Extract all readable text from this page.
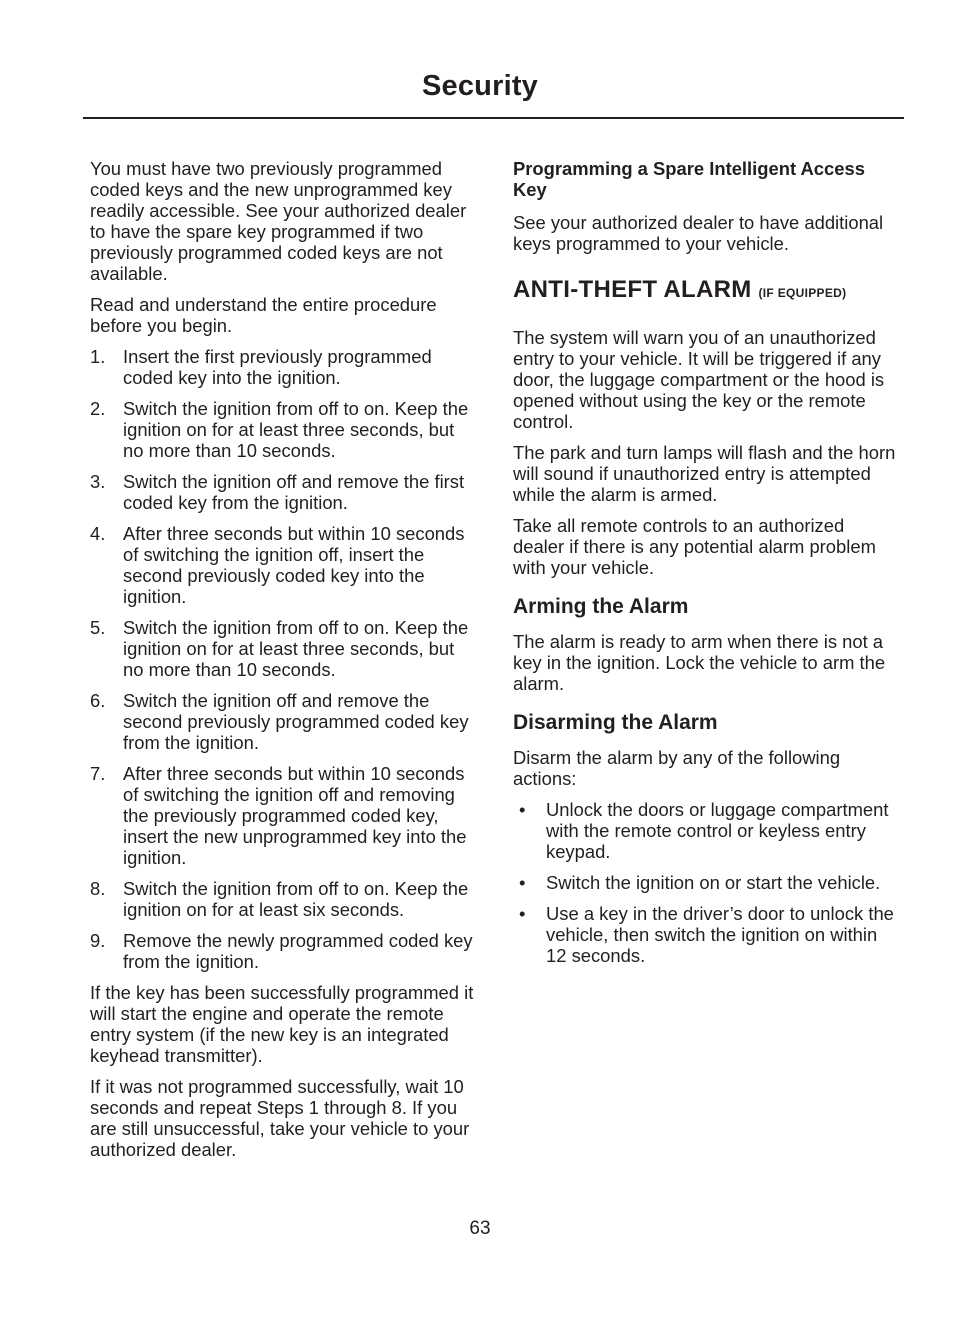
Security

You must have two previously programmed coded keys and the new unprogrammed key readily accessible. See your authorized dealer to have the spare key programmed if two previously programmed coded keys are not available.

Read and understand the entire procedure before you begin.

1. Insert the first previously programmed coded key into the ignition.
2. Switch the ignition from off to on. Keep the ignition on for at least three seconds, but no more than 10 seconds.
3. Switch the ignition off and remove the first coded key from the ignition.
4. After three seconds but within 10 seconds of switching the ignition off, insert the second previously coded key into the ignition.
5. Switch the ignition from off to on. Keep the ignition on for at least three seconds, but no more than 10 seconds.
6. Switch the ignition off and remove the second previously programmed coded key from the ignition.
7. After three seconds but within 10 seconds of switching the ignition off and removing the previously programmed coded key, insert the new unprogrammed key into the ignition.
8. Switch the ignition from off to on. Keep the ignition on for at least six seconds.
9. Remove the newly programmed coded key from the ignition.

If the key has been successfully programmed it will start the engine and operate the remote entry system (if the new key is an integrated keyhead transmitter).

If it was not programmed successfully, wait 10 seconds and repeat Steps 1 through 8. If you are still unsuccessful, take your vehicle to your authorized dealer.

Programming a Spare Intelligent Access Key

See your authorized dealer to have additional keys programmed to your vehicle.

ANTI-THEFT ALARM (IF EQUIPPED)

The system will warn you of an unauthorized entry to your vehicle. It will be triggered if any door, the luggage compartment or the hood is opened without using the key or the remote control.

The park and turn lamps will flash and the horn will sound if unauthorized entry is attempted while the alarm is armed.

Take all remote controls to an authorized dealer if there is any potential alarm problem with your vehicle.

Arming the Alarm

The alarm is ready to arm when there is not a key in the ignition. Lock the vehicle to arm the alarm.

Disarming the Alarm

Disarm the alarm by any of the following actions:

• Unlock the doors or luggage compartment with the remote control or keyless entry keypad.
• Switch the ignition on or start the vehicle.
• Use a key in the driver’s door to unlock the vehicle, then switch the ignition on within 12 seconds.
63
